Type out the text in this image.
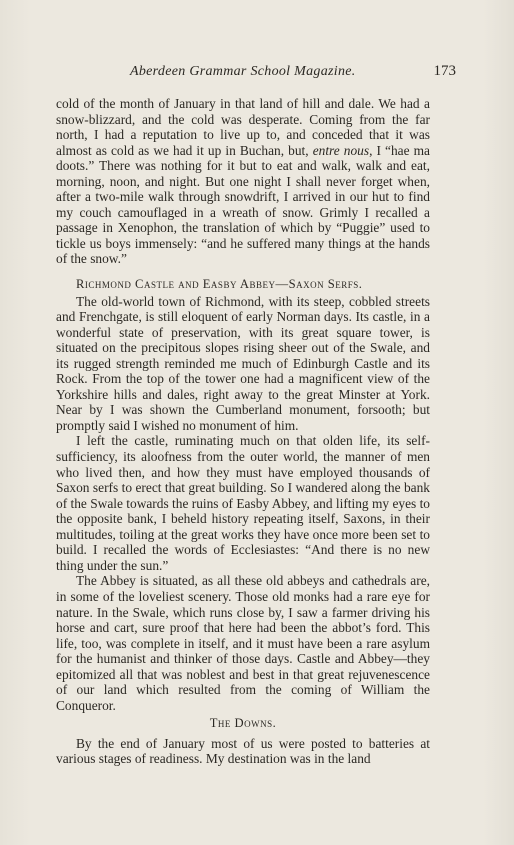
Aberdeen Grammar School Magazine.	173

cold of the month of January in that land of hill and dale. We had a snow-blizzard, and the cold was desperate. Coming from the far north, I had a reputation to live up to, and conceded that it was almost as cold as we had it up in Buchan, but, entre nous, I “hae ma doots.” There was nothing for it but to eat and walk, walk and eat, morning, noon, and night. But one night I shall never forget when, after a two-mile walk through snowdrift, I arrived in our hut to find my couch camouflaged in a wreath of snow. Grimly I recalled a passage in Xenophon, the translation of which by “Puggie” used to tickle us boys immensely: “and he suffered many things at the hands of the snow.”

Richmond Castle and Easby Abbey—Saxon Serfs.

The old-world town of Richmond, with its steep, cobbled streets and Frenchgate, is still eloquent of early Norman days. Its castle, in a wonderful state of preservation, with its great square tower, is situated on the precipitous slopes rising sheer out of the Swale, and its rugged strength reminded me much of Edinburgh Castle and its Rock. From the top of the tower one had a magnificent view of the Yorkshire hills and dales, right away to the great Minster at York. Near by I was shown the Cumberland monument, forsooth; but promptly said I wished no monument of him.

I left the castle, ruminating much on that olden life, its self-sufficiency, its aloofness from the outer world, the manner of men who lived then, and how they must have employed thousands of Saxon serfs to erect that great building. So I wandered along the bank of the Swale towards the ruins of Easby Abbey, and lifting my eyes to the opposite bank, I beheld history repeating itself, Saxons, in their multitudes, toiling at the great works they have once more been set to build. I recalled the words of Ecclesiastes: “And there is no new thing under the sun.”

The Abbey is situated, as all these old abbeys and cathedrals are, in some of the loveliest scenery. Those old monks had a rare eye for nature. In the Swale, which runs close by, I saw a farmer driving his horse and cart, sure proof that here had been the abbot’s ford. This life, too, was complete in itself, and it must have been a rare asylum for the humanist and thinker of those days. Castle and Abbey—they epitomized all that was noblest and best in that great rejuvenescence of our land which resulted from the coming of William the Conqueror.

The Downs.

By the end of January most of us were posted to batteries at various stages of readiness. My destination was in the land
